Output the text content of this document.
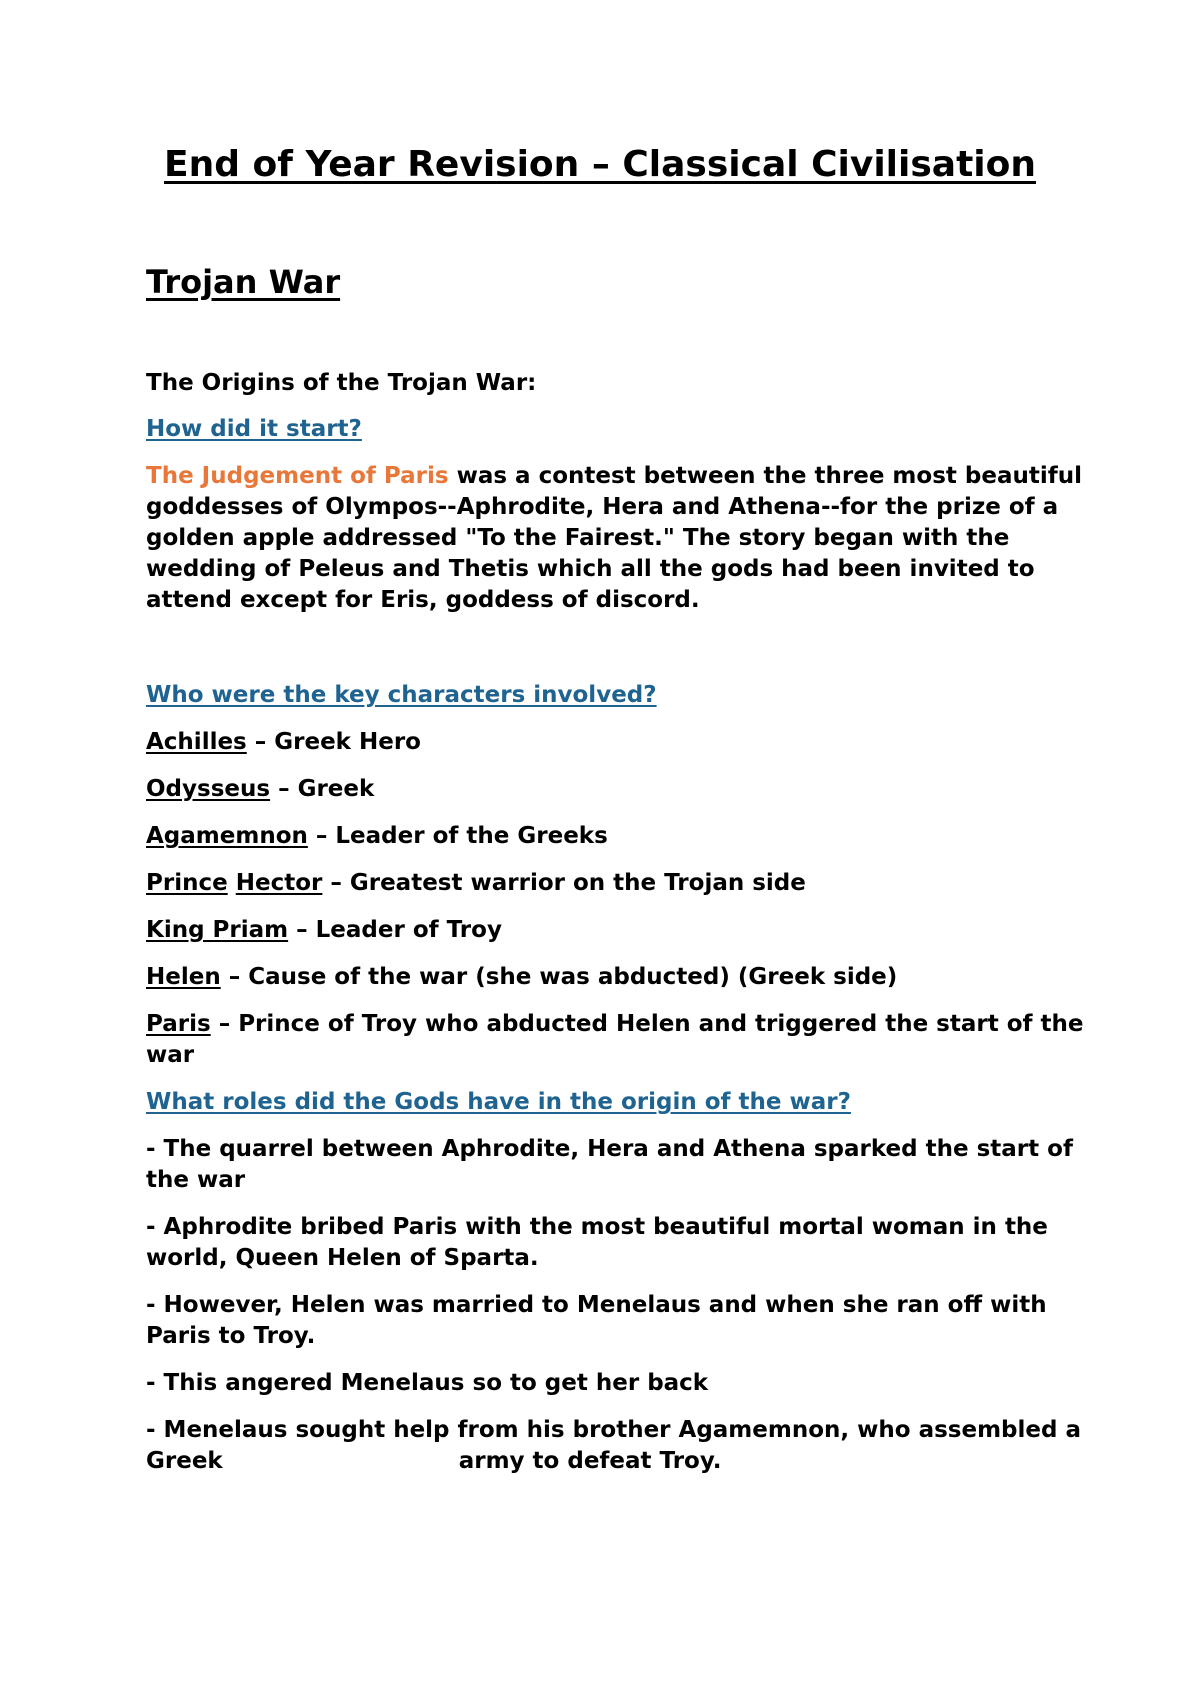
End of Year Revision – Classical Civilisation
Trojan War
The Origins of the Trojan War:
How did it start?
The Judgement of Paris was a contest between the three most beautiful goddesses of Olympos--Aphrodite, Hera and Athena--for the prize of a golden apple addressed "To the Fairest." The story began with the wedding of Peleus and Thetis which all the gods had been invited to attend except for Eris, goddess of discord.
Who were the key characters involved?
Achilles – Greek Hero
Odysseus – Greek
Agamemnon – Leader of the Greeks
Prince Hector – Greatest warrior on the Trojan side
King Priam – Leader of Troy
Helen – Cause of the war (she was abducted) (Greek side)
Paris – Prince of Troy who abducted Helen and triggered the start of the war
What roles did the Gods have in the origin of the war?
- The quarrel between Aphrodite, Hera and Athena sparked the start of the war
- Aphrodite bribed Paris with the most beautiful mortal woman in the world, Queen Helen of Sparta.
- However, Helen was married to Menelaus and when she ran off with Paris to Troy.
- This angered Menelaus so to get her back
- Menelaus sought help from his brother Agamemnon, who assembled a Greek	army to defeat Troy.
